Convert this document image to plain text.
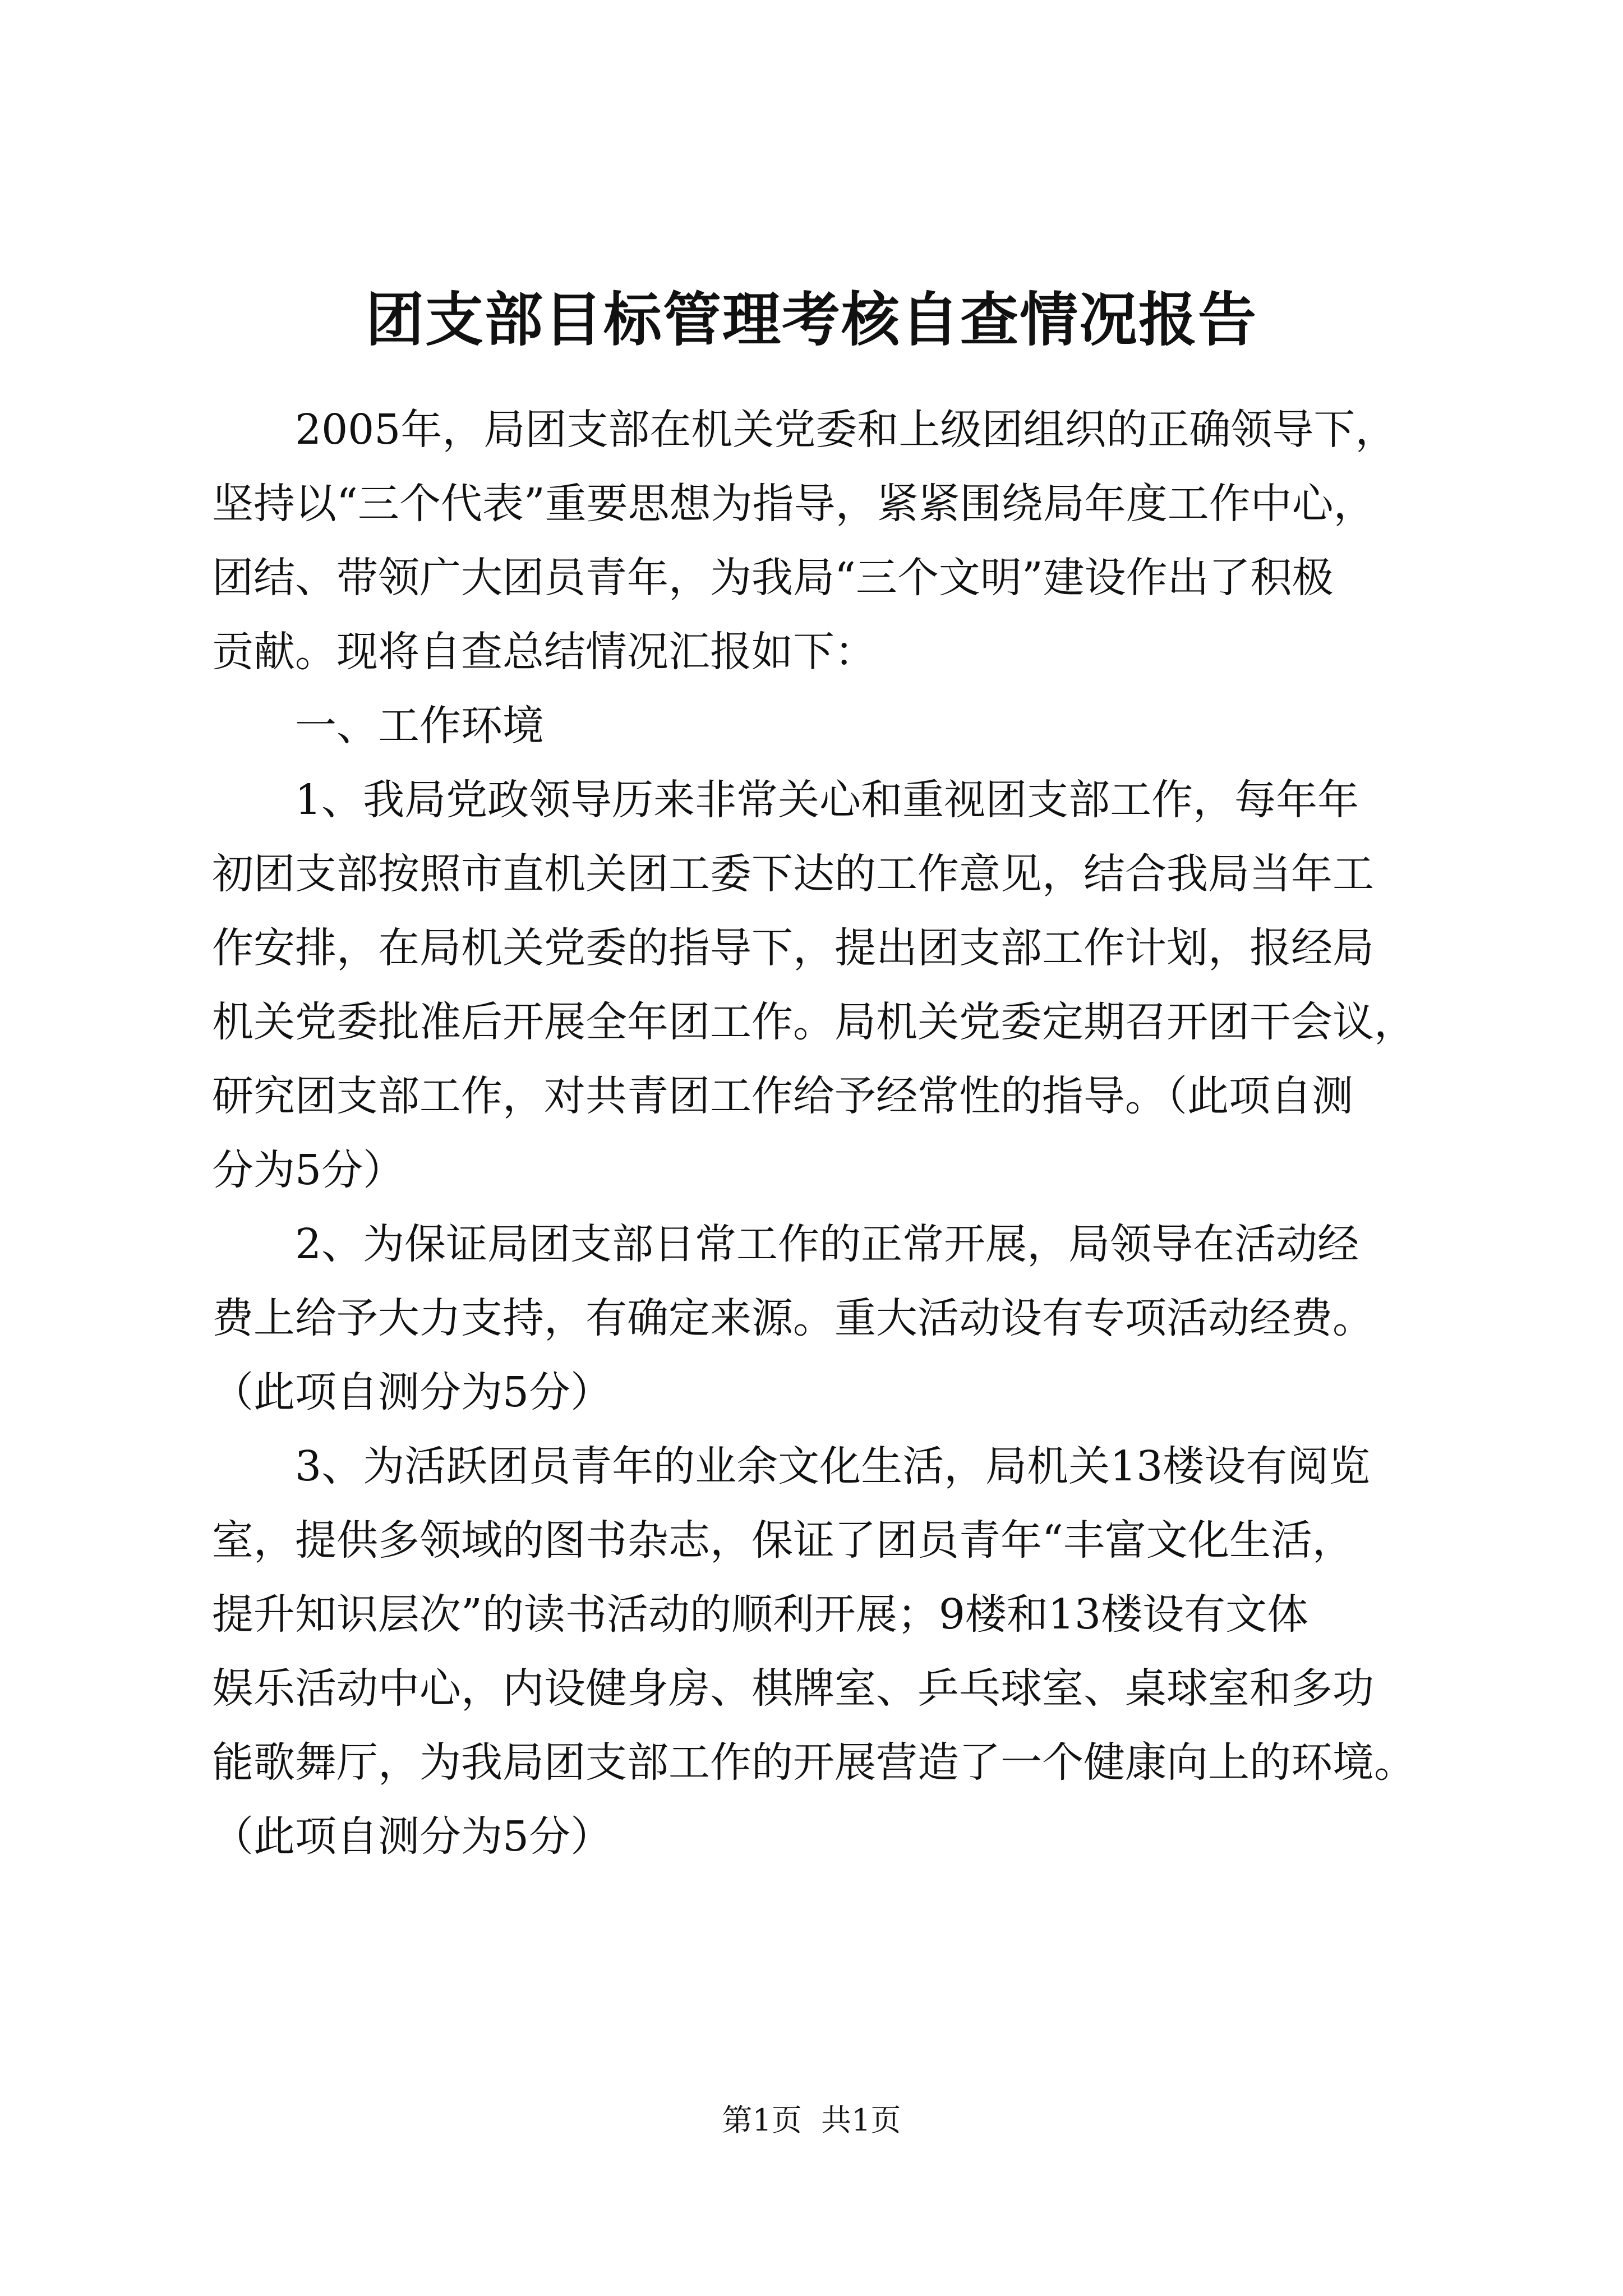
团支部目标管理考核自查情况报告
　　2005年，局团支部在机关党委和上级团组织的正确领导下，
坚持以“三个代表”重要思想为指导，紧紧围绕局年度工作中心，
团结、带领广大团员青年，为我局“三个文明”建设作出了积极
贡献。现将自查总结情况汇报如下：
　　一、工作环境
　　1、我局党政领导历来非常关心和重视团支部工作，每年年
初团支部按照市直机关团工委下达的工作意见，结合我局当年工
作安排，在局机关党委的指导下，提出团支部工作计划，报经局
机关党委批准后开展全年团工作。局机关党委定期召开团干会议，
研究团支部工作，对共青团工作给予经常性的指导。（此项自测
分为5分）
　　2、为保证局团支部日常工作的正常开展，局领导在活动经
费上给予大力支持，有确定来源。重大活动设有专项活动经费。
（此项自测分为5分）
　　3、为活跃团员青年的业余文化生活，局机关13楼设有阅览
室，提供多领域的图书杂志，保证了团员青年“丰富文化生活，
提升知识层次”的读书活动的顺利开展；9楼和13楼设有文体
娱乐活动中心，内设健身房、棋牌室、乒乓球室、桌球室和多功
能歌舞厅，为我局团支部工作的开展营造了一个健康向上的环境。
（此项自测分为5分）
第1页  共1页
